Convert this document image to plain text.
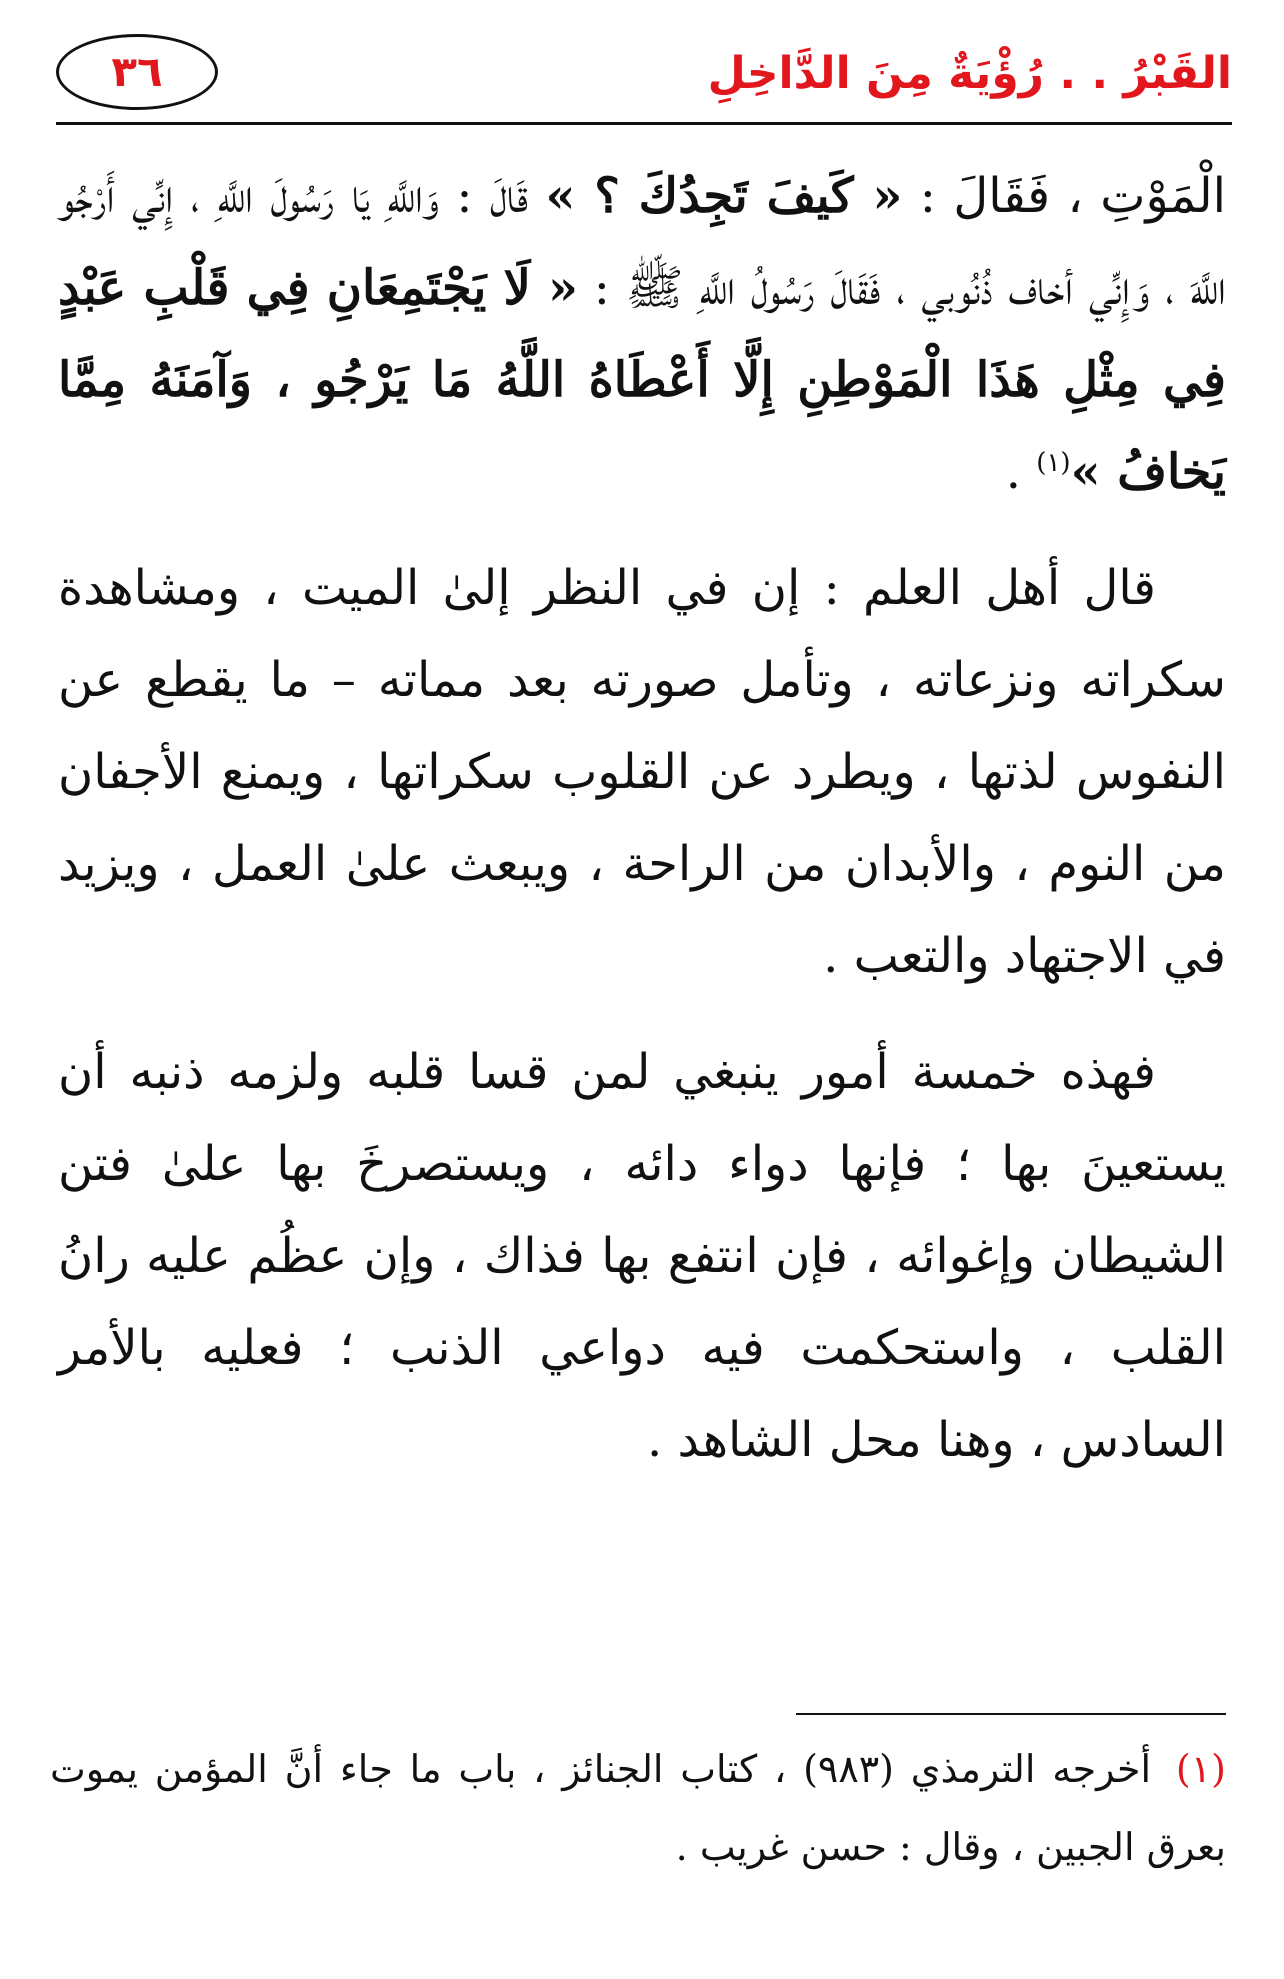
القَبْرُ . . رُؤْيَةٌ مِنَ الدَّاخِلِ
٣٦

الْمَوْتِ ، فَقَالَ : « كَيفَ تَجِدُكَ ؟ » قَالَ : وَاللَّهِ يَا رَسُولَ اللَّهِ ، إِنِّي أَرْجُو اللَّهَ ، وَإِنِّي أخاف ذُنُوبي ، فَقَالَ رَسُولُ اللَّهِ ﷺ : « لَا يَجْتَمِعَانِ فِي قَلْبِ عَبْدٍ فِي مِثْلِ هَذَا الْمَوْطِنِ إِلَّا أَعْطَاهُ اللَّهُ مَا يَرْجُو ، وَآمَنَهُ مِمَّا يَخافُ »$^{(١)}$ .

قال أهل العلم : إن في النظر إلىٰ الميت ، ومشاهدة سكراته ونزعاته ، وتأمل صورته بعد مماته – ما يقطع عن النفوس لذتها ، ويطرد عن القلوب سكراتها ، ويمنع الأجفان من النوم ، والأبدان من الراحة ، ويبعث علىٰ العمل ، ويزيد في الاجتهاد والتعب .

فهذه خمسة أمور ينبغي لمن قسا قلبه ولزمه ذنبه أن يستعينَ بها ؛ فإنها دواء دائه ، ويستصرخَ بها علىٰ فتن الشيطان وإغوائه ، فإن انتفع بها فذاك ، وإن عظُم عليه رانُ القلب ، واستحكمت فيه دواعي الذنب ؛ فعليه بالأمر السادس ، وهنا محل الشاهد .

(١) أخرجه الترمذي (٩٨٣) ، كتاب الجنائز ، باب ما جاء أنَّ المؤمن يموت بعرق الجبين ، وقال : حسن غريب .
